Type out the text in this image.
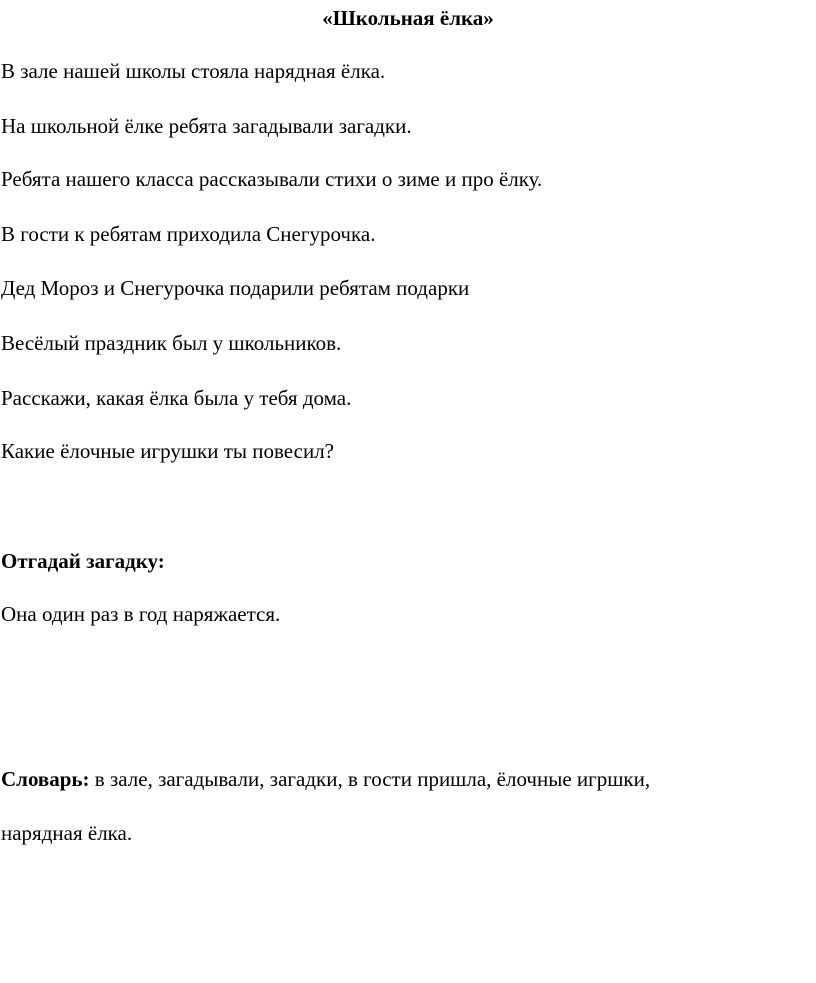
«Школьная ёлка»
В зале нашей школы стояла нарядная ёлка.
На школьной ёлке ребята загадывали загадки.
Ребята нашего класса рассказывали стихи о зиме и про ёлку.
В гости к ребятам приходила Снегурочка.
Дед Мороз и Снегурочка подарили ребятам подарки
Весёлый праздник был у школьников.
Расскажи, какая ёлка была у тебя дома.
Какие ёлочные игрушки ты повесил?
Отгадай загадку:
Она один раз в год наряжается.
Словарь: в зале, загадывали, загадки, в гости пришла, ёлочные игршки,
нарядная ёлка.
